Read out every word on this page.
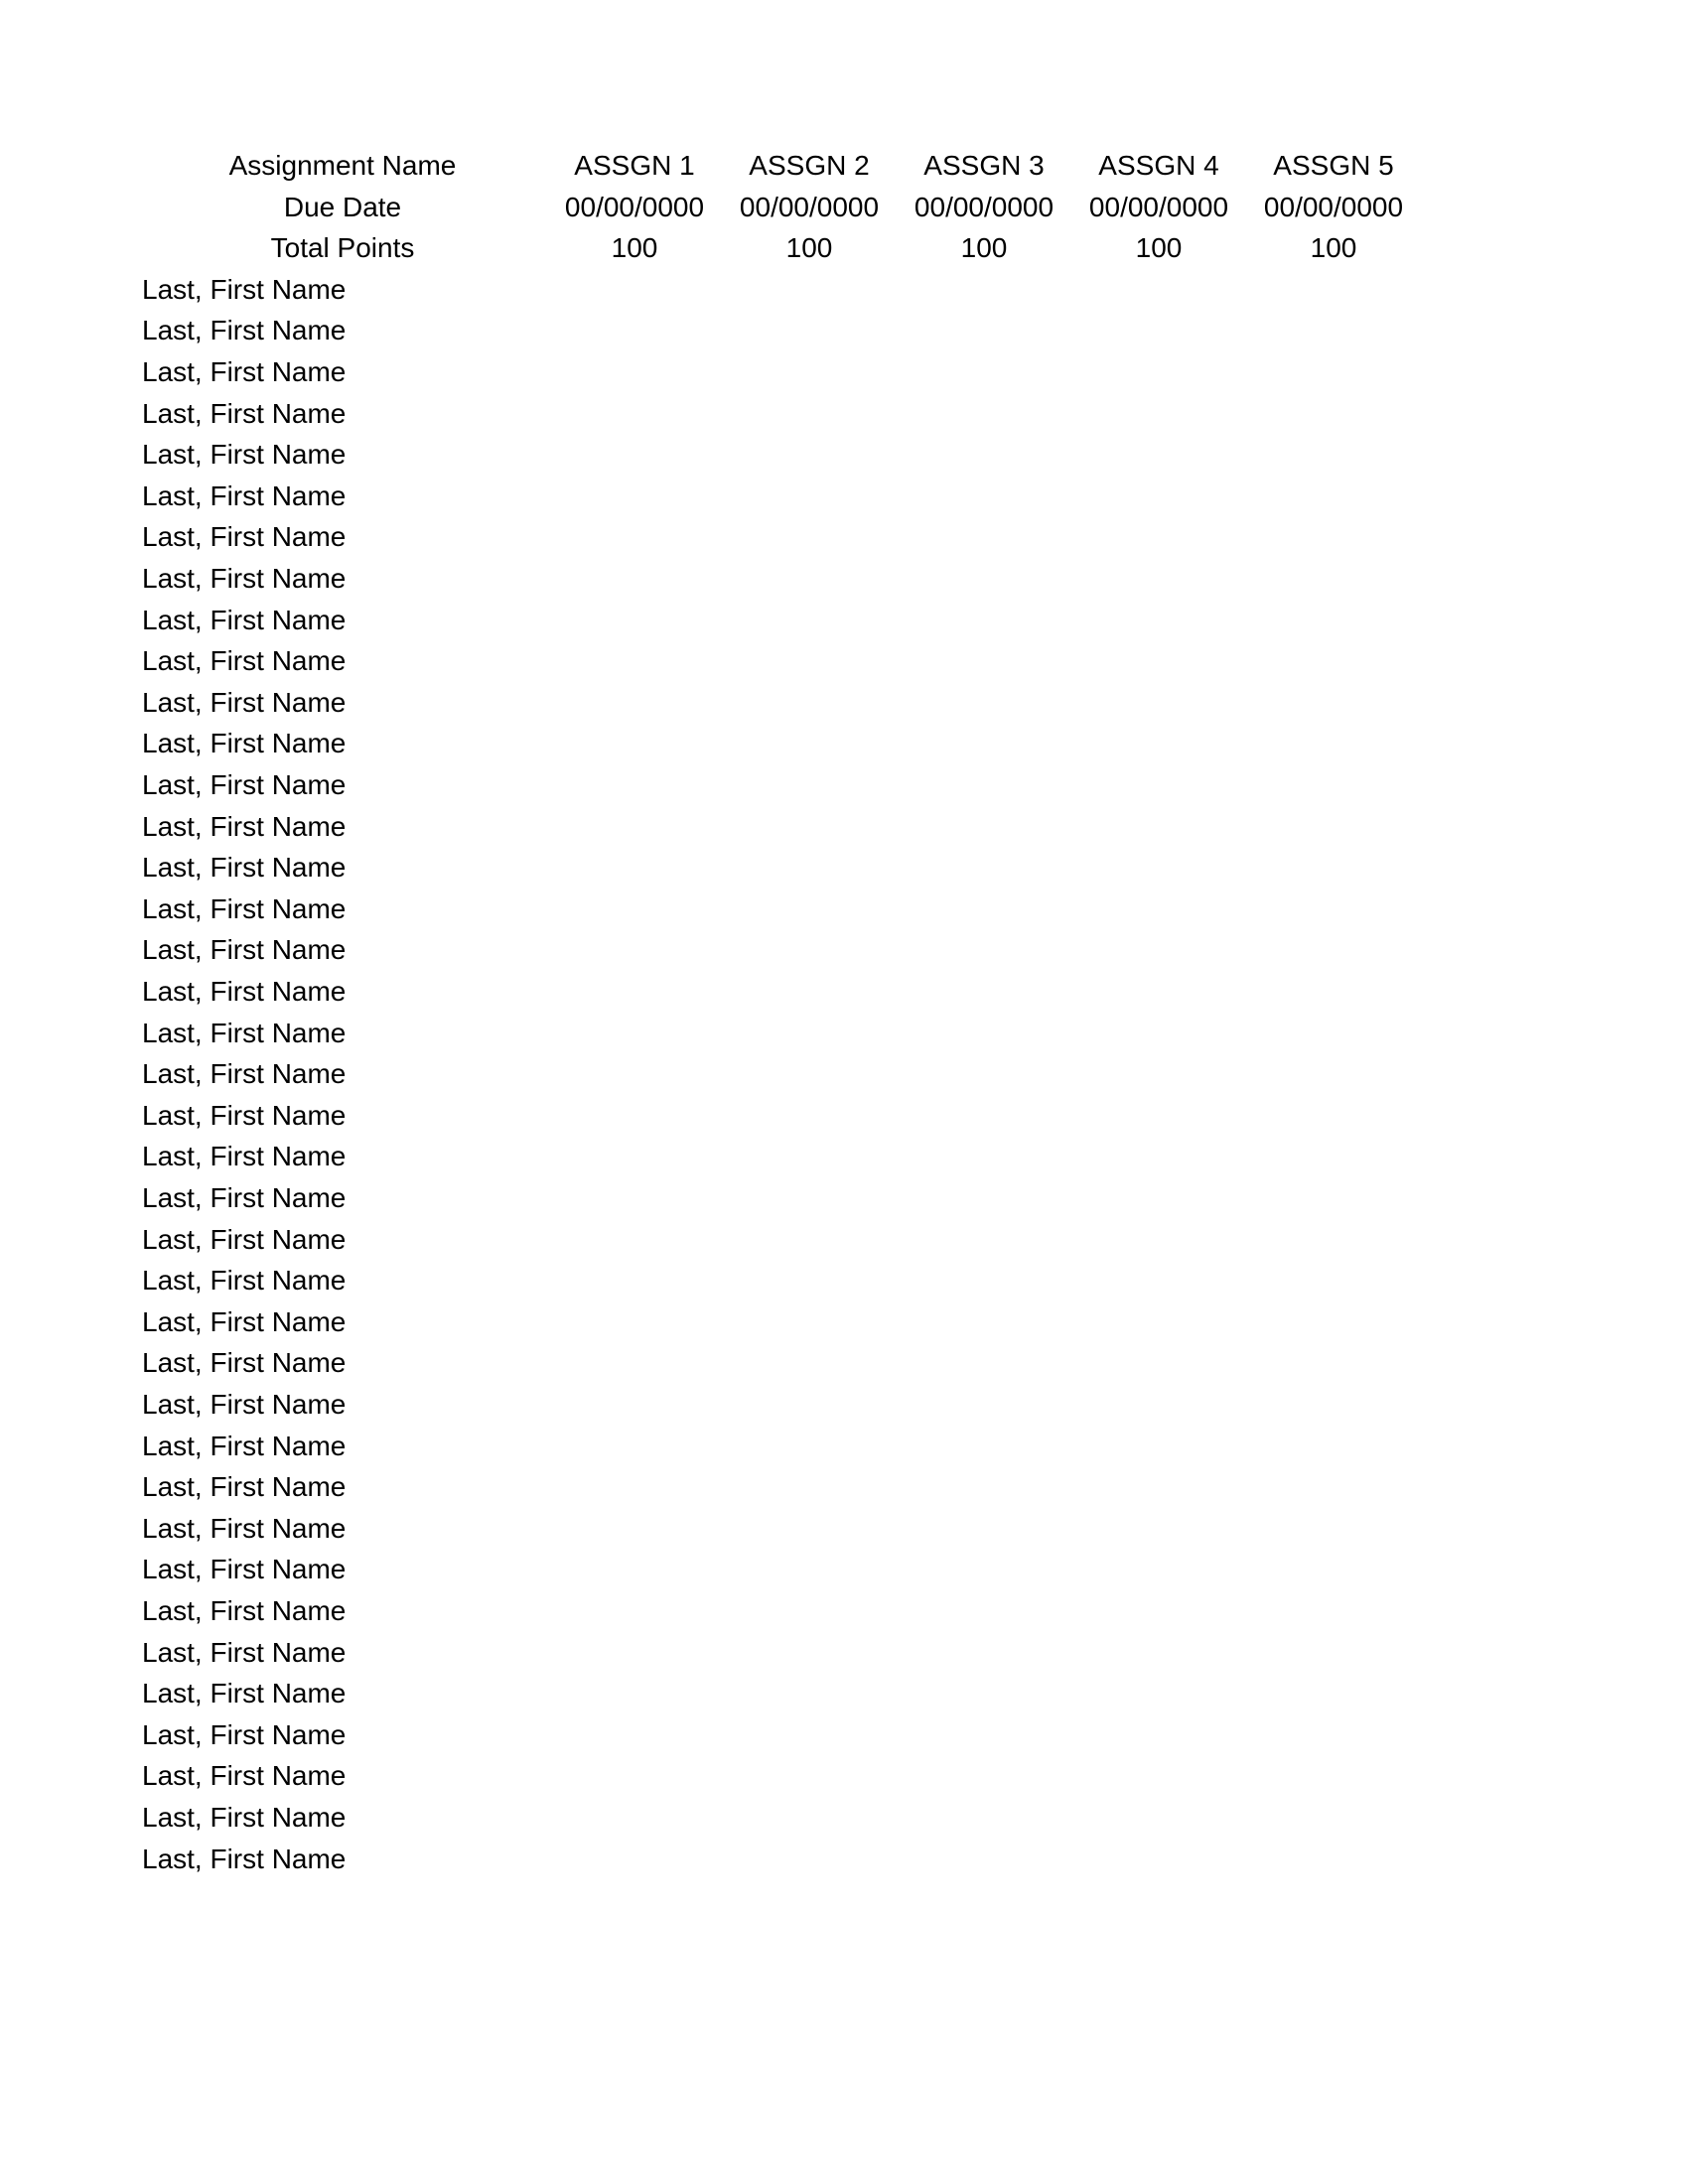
Assignment Name	ASSGN 1	ASSGN 2	ASSGN 3	ASSGN 4	ASSGN 5
Due Date	00/00/0000	00/00/0000	00/00/0000	00/00/0000	00/00/0000
Total Points	100	100	100	100	100
Last, First Name
Last, First Name
Last, First Name
Last, First Name
Last, First Name
Last, First Name
Last, First Name
Last, First Name
Last, First Name
Last, First Name
Last, First Name
Last, First Name
Last, First Name
Last, First Name
Last, First Name
Last, First Name
Last, First Name
Last, First Name
Last, First Name
Last, First Name
Last, First Name
Last, First Name
Last, First Name
Last, First Name
Last, First Name
Last, First Name
Last, First Name
Last, First Name
Last, First Name
Last, First Name
Last, First Name
Last, First Name
Last, First Name
Last, First Name
Last, First Name
Last, First Name
Last, First Name
Last, First Name
Last, First Name
